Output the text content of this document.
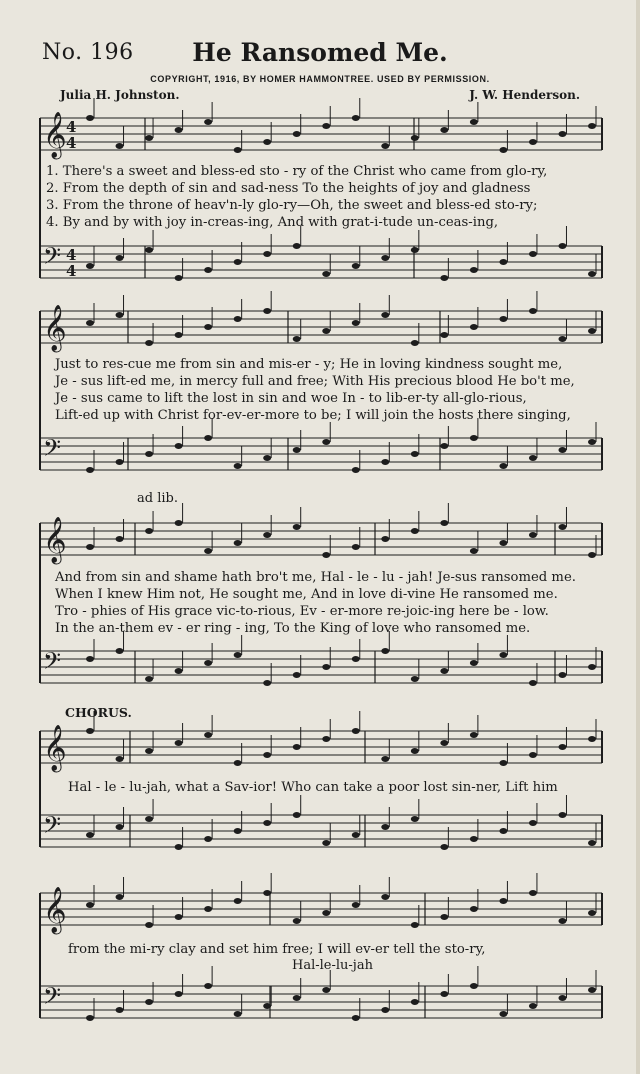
No. 196	He Ransomed Me.
COPYRIGHT, 1916, BY HOMER HAMMONTREE. USED BY PERMISSION.
Julia H. Johnston.	J. W. Henderson.
𝄞
𝄢
4
4
4
4
𝄞
𝄢
𝄞
𝄢
𝄞
𝄢
𝄞
𝄢
1. There's a sweet and bless-ed sto - ry of the Christ who came from glo-ry,
2. From the depth of sin and sad-ness To the heights of joy and gladness
3. From the throne of heav'n-ly glo-ry—Oh, the sweet and bless-ed sto-ry;
4. By and by with joy in-creas-ing, And with grat-i-tude un-ceas-ing,
Just to res-cue me from sin and mis-er - y; He in loving kindness sought me,
Je - sus lift-ed me, in mercy full and free; With His precious blood He bo't me,
Je - sus came to lift the lost in sin and woe In - to lib-er-ty all-glo-rious,
Lift-ed up with Christ for-ev-er-more to be; I will join the hosts there singing,
ad lib.
And from sin and shame hath bro't me, Hal - le - lu - jah! Je-sus ransomed me.
When I knew Him not, He sought me, And in love di-vine He ransomed me.
Tro - phies of His grace vic-to-rious, Ev - er-more re-joic-ing here be - low.
In the an-them ev - er ring - ing, To the King of love who ransomed me.
CHORUS.
Hal - le - lu-jah, what a Sav-ior! Who can take a poor lost sin-ner, Lift him
from the mi-ry clay and set him free; I will ev-er tell the sto-ry,
Hal-le-lu-jah
